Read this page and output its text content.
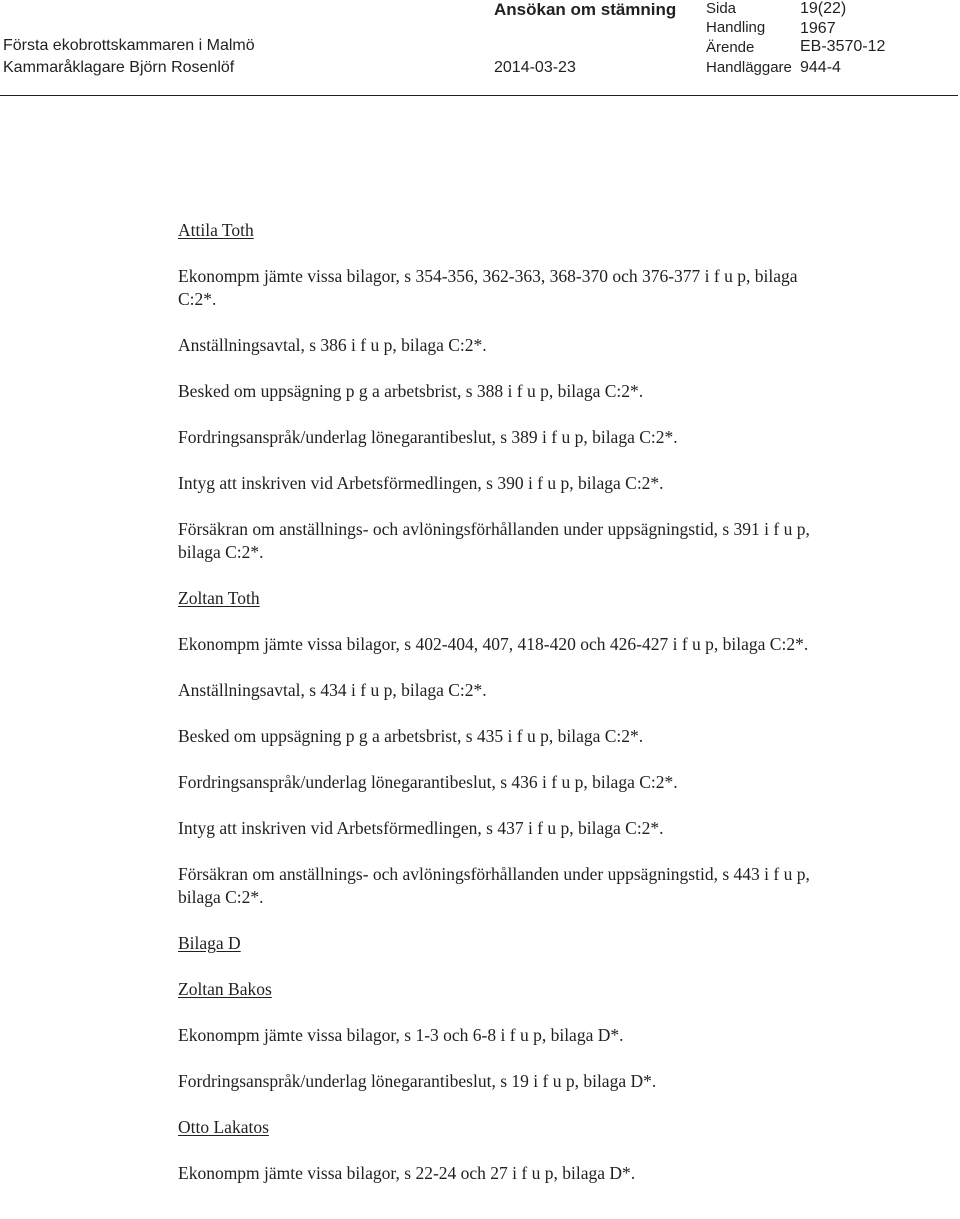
Ansökan om stämning
Första ekobrottskammaren i Malmö
Kammaråklagare Björn Rosenlöf	2014-03-23
Sida	19(22)
Handling 1967
Ärende	EB-3570-12
Handläggare 944-4
Attila Toth
Ekonompm jämte vissa bilagor, s 354-356, 362-363, 368-370 och 376-377 i f u p, bilaga C:2*.
Anställningsavtal, s 386 i f u p, bilaga C:2*.
Besked om uppsägning p g a arbetsbrist, s 388 i f u p, bilaga C:2*.
Fordringsanspråk/underlag lönegarantibeslut, s 389 i f u p, bilaga C:2*.
Intyg att inskriven vid Arbetsförmedlingen, s 390 i f u p, bilaga C:2*.
Försäkran om anställnings- och avlöningsförhållanden under uppsägningstid, s 391 i f u p, bilaga C:2*.
Zoltan Toth
Ekonompm jämte vissa bilagor, s 402-404, 407, 418-420 och 426-427 i f u p, bilaga C:2*.
Anställningsavtal, s 434 i f u p, bilaga C:2*.
Besked om uppsägning p g a arbetsbrist, s 435 i f u p, bilaga C:2*.
Fordringsanspråk/underlag lönegarantibeslut, s 436 i f u p, bilaga C:2*.
Intyg att inskriven vid Arbetsförmedlingen, s 437 i f u p, bilaga C:2*.
Försäkran om anställnings- och avlöningsförhållanden under uppsägningstid, s 443 i f u p, bilaga C:2*.
Bilaga D
Zoltan Bakos
Ekonompm jämte vissa bilagor, s 1-3 och 6-8 i f u p, bilaga D*.
Fordringsanspråk/underlag lönegarantibeslut, s 19 i f u p, bilaga D*.
Otto Lakatos
Ekonompm jämte vissa bilagor, s 22-24 och 27 i f u p, bilaga D*.
